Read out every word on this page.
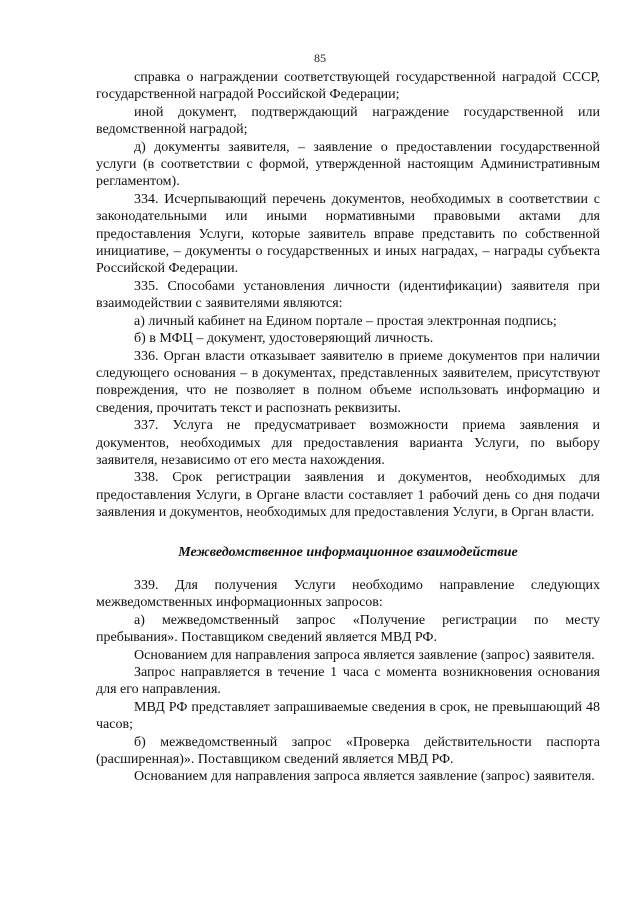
85

справка о награждении соответствующей государственной наградой СССР, государственной наградой Российской Федерации;

иной документ, подтверждающий награждение государственной или ведомственной наградой;

д) документы заявителя, – заявление о предоставлении государственной услуги (в соответствии с формой, утвержденной настоящим Административным регламентом).

334. Исчерпывающий перечень документов, необходимых в соответствии с законодательными или иными нормативными правовыми актами для предоставления Услуги, которые заявитель вправе представить по собственной инициативе, – документы о государственных и иных наградах, – награды субъекта Российской Федерации.

335. Способами установления личности (идентификации) заявителя при взаимодействии с заявителями являются:

а) личный кабинет на Едином портале – простая электронная подпись;

б) в МФЦ – документ, удостоверяющий личность.

336. Орган власти отказывает заявителю в приеме документов при наличии следующего основания – в документах, представленных заявителем, присутствуют повреждения, что не позволяет в полном объеме использовать информацию и сведения, прочитать текст и распознать реквизиты.

337. Услуга не предусматривает возможности приема заявления и документов, необходимых для предоставления варианта Услуги, по выбору заявителя, независимо от его места нахождения.

338. Срок регистрации заявления и документов, необходимых для предоставления Услуги, в Органе власти составляет 1 рабочий день со дня подачи заявления и документов, необходимых для предоставления Услуги, в Орган власти.

Межведомственное информационное взаимодействие

339. Для получения Услуги необходимо направление следующих межведомственных информационных запросов:

а) межведомственный запрос «Получение регистрации по месту пребывания». Поставщиком сведений является МВД РФ.

Основанием для направления запроса является заявление (запрос) заявителя.

Запрос направляется в течение 1 часа с момента возникновения основания для его направления.

МВД РФ представляет запрашиваемые сведения в срок, не превышающий 48 часов;

б) межведомственный запрос «Проверка действительности паспорта (расширенная)». Поставщиком сведений является МВД РФ.

Основанием для направления запроса является заявление (запрос) заявителя.
